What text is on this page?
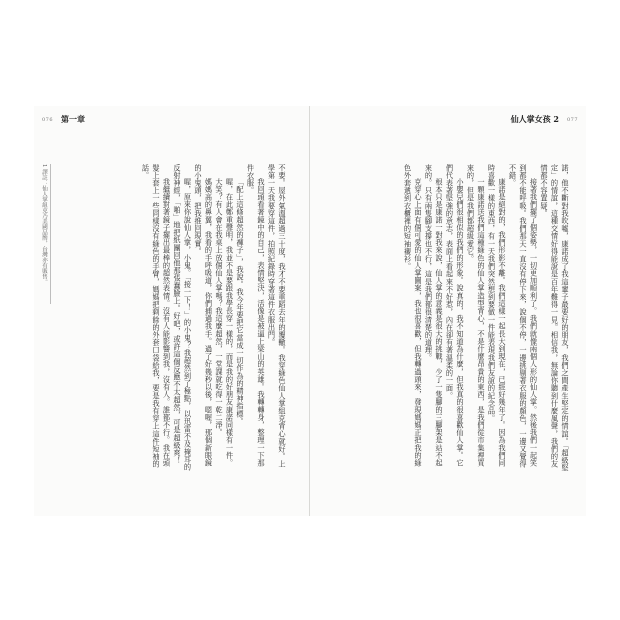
076 第一章

不要。屋外氣溫超過三十度，我才不要重蹈去年的覆轍。我穿綠色仙人掌組克背心就好。上學第一天我要穿這件，拍照紀錄時穿著這件衣服出門。

我回頭看著鏡中的自己，表情堅決，活像是被逼上梁山的英雄。我轉轉身，整理一下那件衣服。

「配上這條超然的褲子」，我說。我今年要把它當成一切作為的精神指標。

喔，在此鄭重聲明，我並不是要跟我學長穿一樣的，而是我的好朋友康諾同樣有一件。

大笑？有人會在我桌上放個仙人掌嗎？我這麼超然，一堂課就吃得一乾二淨。

媽媽高的鼻翼，我看的手呼吸道，你們捕過我手。過了好幾秒以後，嗯喔，那個新眼鏡的小鬼頭，把我推回現實。

喔，原來你說仙人掌，小鬼。「接一下！」的小鬼？我超然到了極點，以迅雷不及掩耳的反射神經，「啪」地把紙團回他那張蠢臉上。好吧，或許這個反應不太超然，可是超級爽！

我繼續對著鏡子擺出最棒的超然表情。沒有人能影響到我，沒有人。誰都不行。我在頭髮上套上一些同樣沒有綠色的手臂，媽媽把剩餘的外套口袋給我，要是我有穿上這件短袖的話。

1 譯註：仙人掌組克乃美國品牌，台灣亦有販售。
仙人掌女孩 2 077

諾，他不斷對我吹噓，康諾成了我這輩子最要好的朋友，我們之間產生堅定的情誼。「超級堅定」的情誼，這種交情好得能說是百年難得一見。相信我，無論你聽到什麼風聲，我們的友情都不容置疑。

接著我們擺了個姿勢，一切更加順利了。我們就像兩個人形的仙人掌。然後我們一起笑到都不能呼吸。我們那天一直沒有停下來，說個不停，一邊挑剔著衣服的顏色，一邊又覺得不錯。

康諾是絕對的，我們形影不離。我們這樣一起長大到現在，已經好幾年了。因為我們同時喜歡一樣的東西，有一天我們突然想到要做一件能表現我們友誼的紀念品。

一顆康諾送我們這種綠色的仙人掌造型背心，不是什麼昂貴的東西，是我們從市集裡買來的，但是我們都超級愛它。

小嬰兒們很相似的我們的形象。說真的，我不知道為什麼，但我真的很喜歡仙人掌。它們代表著堅強的意志，表面上看起來不好惹，內在卻有著溫柔的一面。

根本只是康諾一對我來說，仙人掌的意義是很大的挑戰，少了一隻腳的三腳架是站不起來的。只有兩隻腳支撐也不行，這是我們都很清楚的道理。

克穿心上面有個可愛的仙人掌圖案，我也很喜歡，但我轉過頭來，發現媽媽正把我的綠色外套遞到衣櫃裡的短袖襯衫。
